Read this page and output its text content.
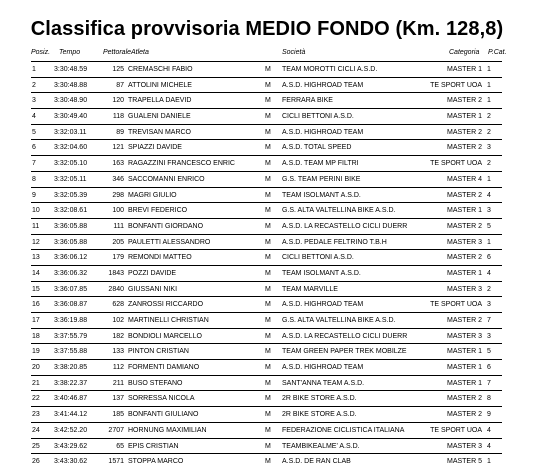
Classifica provvisoria MEDIO FONDO (Km. 128,8)
Posiz. Tempo	Pettorale Atleta	Società	Categoria P.Cat.
1	3:30:48.59	125 CREMASCHI FABIO	M TEAM MOROTTI CICLI A.S.D.	MASTER 1 1
2	3:30:48.88	87 ATTOLINI MICHELE	M A.S.D. HIGHROAD TEAM	TE SPORT UOA 1
3	3:30:48.90	120 TRAPELLA DAEVID	M FERRARA BIKE	MASTER 2 1
4	3:30:49.40	118 GUALENI DANIELE	M CICLI BETTONI A.S.D.	MASTER 1 2
5	3:32:03.11	89 TREVISAN MARCO	M A.S.D. HIGHROAD TEAM	MASTER 2 2
6	3:32:04.60	121 SPIAZZI DAVIDE	M A.S.D. TOTAL SPEED	MASTER 2 3
7	3:32:05.10	163 RAGAZZINI FRANCESCO ENRIC	M A.S.D. TEAM MP FILTRI	TE SPORT UOA 2
8	3:32:05.11	346 SACCOMANNI ENRICO	M G.S. TEAM PERINI BIKE	MASTER 4 1
9	3:32:05.39	298 MAGRI GIULIO	M TEAM ISOLMANT A.S.D.	MASTER 2 4
10 3:32:08.61	100 BREVI FEDERICO	M G.S. ALTA VALTELLINA BIKE A.S.D.	MASTER 1 3
11 3:36:05.88	111 BONFANTI GIORDANO	M A.S.D. LA RECASTELLO CICLI DUERR	MASTER 2 5
12 3:36:05.88	205 PAULETTI ALESSANDRO	M A.S.D. PEDALE FELTRINO T.B.H	MASTER 3 1
13 3:36:06.12	179 REMONDI MATTEO	M CICLI BETTONI A.S.D.	MASTER 2 6
14 3:36:06.32	1843 POZZI DAVIDE	M TEAM ISOLMANT A.S.D.	MASTER 1 4
15 3:36:07.85	2840 GIUSSANI NIKI	M TEAM MARVILLE	MASTER 3 2
16 3:36:08.87	628 ZANROSSI RICCARDO	M A.S.D. HIGHROAD TEAM	TE SPORT UOA 3
17 3:36:19.88	102 MARTINELLI CHRISTIAN	M G.S. ALTA VALTELLINA BIKE A.S.D.	MASTER 2 7
18 3:37:55.79	182 BONDIOLI MARCELLO	M A.S.D. LA RECASTELLO CICLI DUERR	MASTER 3 3
19 3:37:55.88	133 PINTON CRISTIAN	M TEAM GREEN PAPER TREK MOBILZE	MASTER 1 5
20 3:38:20.85	112 FORMENTI DAMIANO	M A.S.D. HIGHROAD TEAM	MASTER 1 6
21 3:38:22.37	211 BUSO STEFANO	M SANT'ANNA TEAM A.S.D.	MASTER 1 7
22 3:40:46.87	137 SORRESSA NICOLA	M 2R BIKE STORE A.S.D.	MASTER 2 8
23 3:41:44.12	185 BONFANTI GIULIANO	M 2R BIKE STORE A.S.D.	MASTER 2 9
24 3:42:52.20	2707 HORNUNG MAXIMILIAN	M FEDERAZIONE CICLISTICA ITALIANA	TE SPORT UOA 4
25 3:43:29.62	65 EPIS CRISTIAN	M TEAMBIKEALME' A.S.D.	MASTER 3 4
26 3:43:30.62	1571 STOPPA MARCO	M A.S.D. DE RAN CLAB	MASTER 5 1
